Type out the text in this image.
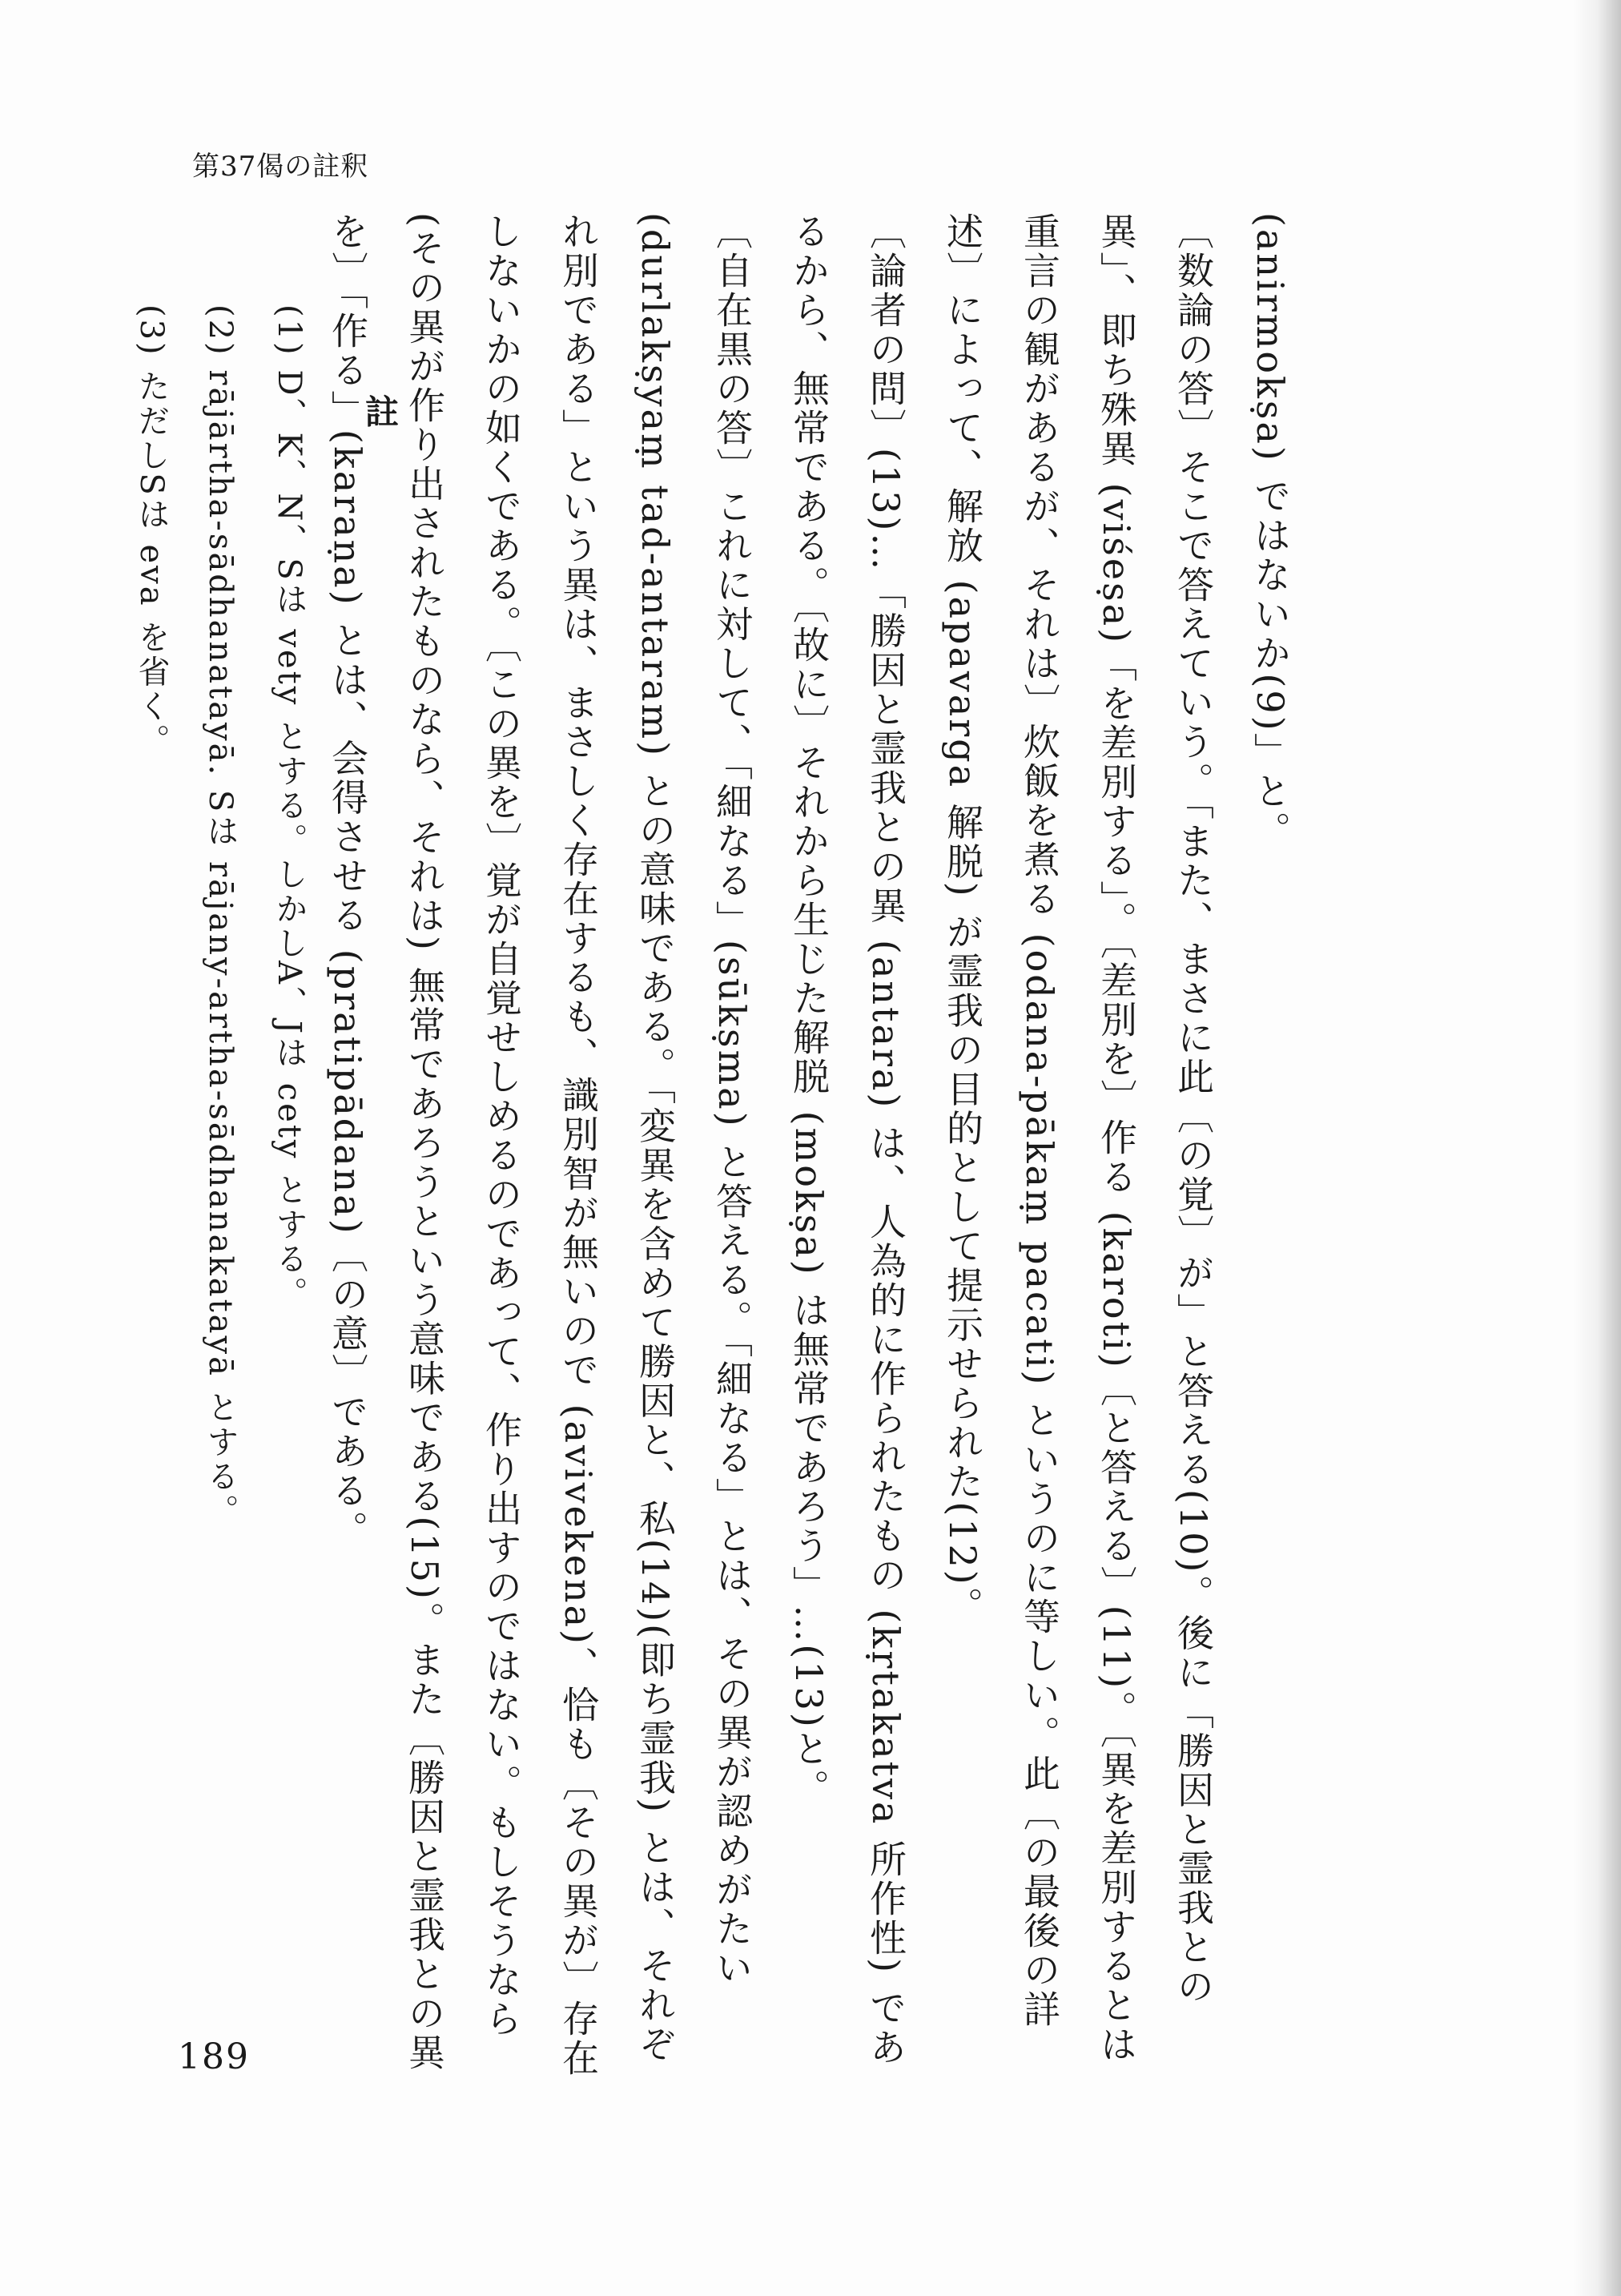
第37偈の註釈

(anirmokṣa) ではないか(9)」と。

〔数論の答〕そこで答えていう。「また、まさに此〔の覚〕が」と答える(10)。後に「勝因と霊我との異」、即ち殊異 (viśeṣa)「を差別する」。〔差別を〕作る (karoti)〔と答える〕(11)。〔異を差別するとは重言の観があるが、それは〕炊飯を煮る (odana-pākaṃ pacati) というのに等しい。此〔の最後の詳述〕によって、解放 (apavarga 解脱) が霊我の目的として提示せられた(12)。

〔論者の問〕(13)…「勝因と霊我との異 (antara) は、人為的に作られたもの (kṛtakatva 所作性) であるから、無常である。〔故に〕それから生じた解脱 (mokṣa) は無常であろう」…(13)と。

〔自在黒の答〕これに対して、「細なる」(sūkṣma) と答える。「細なる」とは、その異が認めがたい (durlakṣyaṃ tad-antaram) との意味である。「変異を含めて勝因と、私(14)(即ち霊我) とは、それぞれ別である」という異は、まさしく存在するも、識別智が無いので (avivekena)、恰も〔その異が〕存在しないかの如くである。〔この異を〕覚が自覚せしめるのであって、作り出すのではない。もしそうなら (その異が作り出されたものなら、それは) 無常であろうという意味である(15)。また〔勝因と霊我との異を〕「作る」(karaṇa) とは、会得させる (pratipādana)〔の意〕である。

註

(1) D、K、N、Sは vety とする。しかしA、Jは cety とする。

(2) rājārtha-sādhanatayā. Sは rājany-artha-sādhanakatayā とする。

(3) ただしSは eva を省く。

189
